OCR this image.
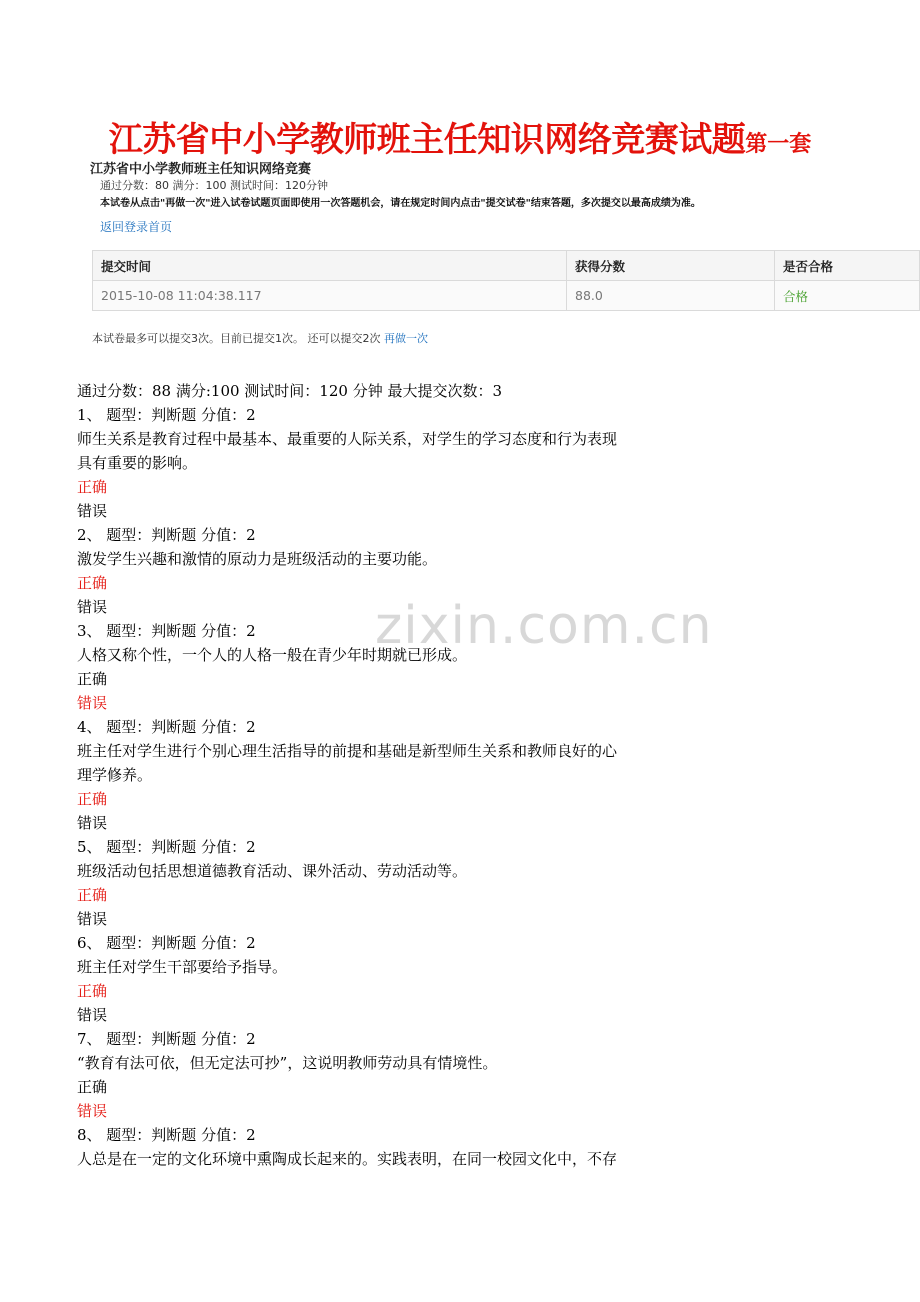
江苏省中小学教师班主任知识网络竞赛试题第一套
江苏省中小学教师班主任知识网络竞赛
通过分数：80 满分：100 测试时间：120分钟
本试卷从点击"再做一次"进入试卷试题页面即使用一次答题机会，请在规定时间内点击"提交试卷"结束答题，多次提交以最高成绩为准。
返回登录首页
提交时间	获得分数	是否合格
2015-10-08 11:04:38.117	88.0	合格
本试卷最多可以提交3次。目前已提交1次。 还可以提交2次 再做一次
zixin.com.cn
通过分数：88 满分:100 测试时间：120 分钟 最大提交次数：3
1、 题型：判断题 分值：2
师生关系是教育过程中最基本、最重要的人际关系，对学生的学习态度和行为表现
具有重要的影响。
正确
错误
2、 题型：判断题 分值：2
激发学生兴趣和激情的原动力是班级活动的主要功能。
正确
错误
3、 题型：判断题 分值：2
人格又称个性，一个人的人格一般在青少年时期就已形成。
正确
错误
4、 题型：判断题 分值：2
班主任对学生进行个别心理生活指导的前提和基础是新型师生关系和教师良好的心
理学修养。
正确
错误
5、 题型：判断题 分值：2
班级活动包括思想道德教育活动、课外活动、劳动活动等。
正确
错误
6、 题型：判断题 分值：2
班主任对学生干部要给予指导。
正确
错误
7、 题型：判断题 分值：2
“教育有法可依，但无定法可抄”，这说明教师劳动具有情境性。
正确
错误
8、 题型：判断题 分值：2
人总是在一定的文化环境中熏陶成长起来的。实践表明，在同一校园文化中，不存
